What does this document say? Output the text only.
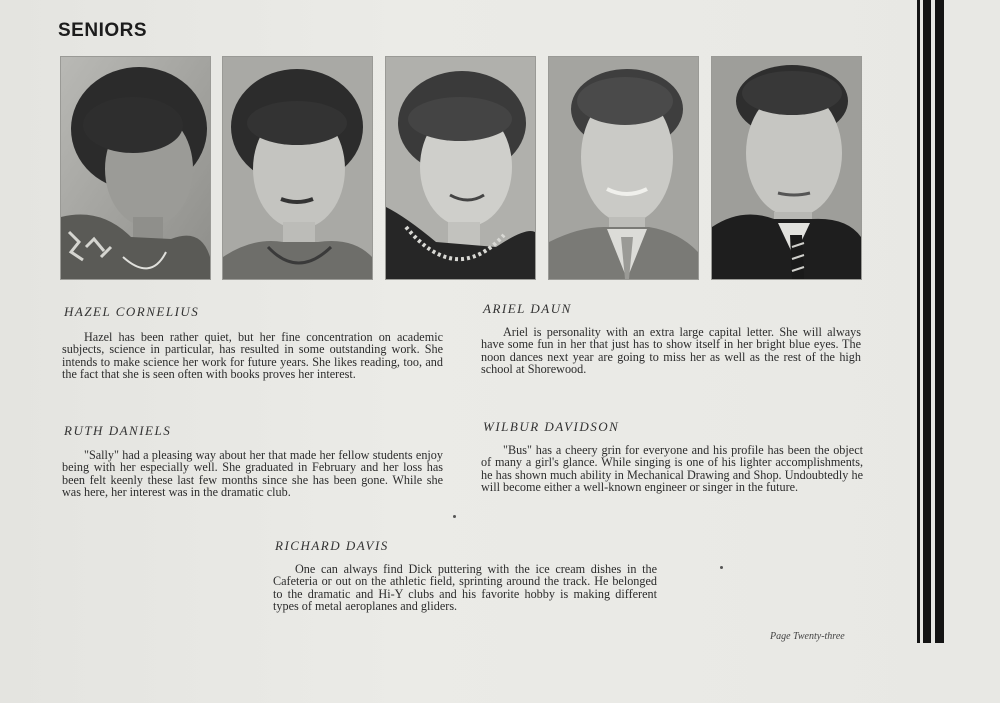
SENIORS
HAZEL CORNELIUS
Hazel has been rather quiet, but her fine concentration on academic subjects, science in particular, has resulted in some outstanding work. She intends to make science her work for future years. She likes reading, too, and the fact that she is seen often with books proves her interest.
ARIEL DAUN
Ariel is personality with an extra large capital letter. She will always have some fun in her that just has to show itself in her bright blue eyes. The noon dances next year are going to miss her as well as the rest of the high school at Shorewood.
RUTH DANIELS
"Sally" had a pleasing way about her that made her fellow students enjoy being with her especially well. She graduated in February and her loss has been felt keenly these last few months since she has been gone. While she was here, her interest was in the dramatic club.
WILBUR DAVIDSON
"Bus" has a cheery grin for everyone and his profile has been the object of many a girl's glance. While singing is one of his lighter accomplishments, he has shown much ability in Mechanical Drawing and Shop. Undoubtedly he will become either a well-known engineer or singer in the future.
RICHARD DAVIS
One can always find Dick puttering with the ice cream dishes in the Cafeteria or out on the athletic field, sprinting around the track. He belonged to the dramatic and Hi-Y clubs and his favorite hobby is making different types of metal aeroplanes and gliders.
Page Twenty-three
